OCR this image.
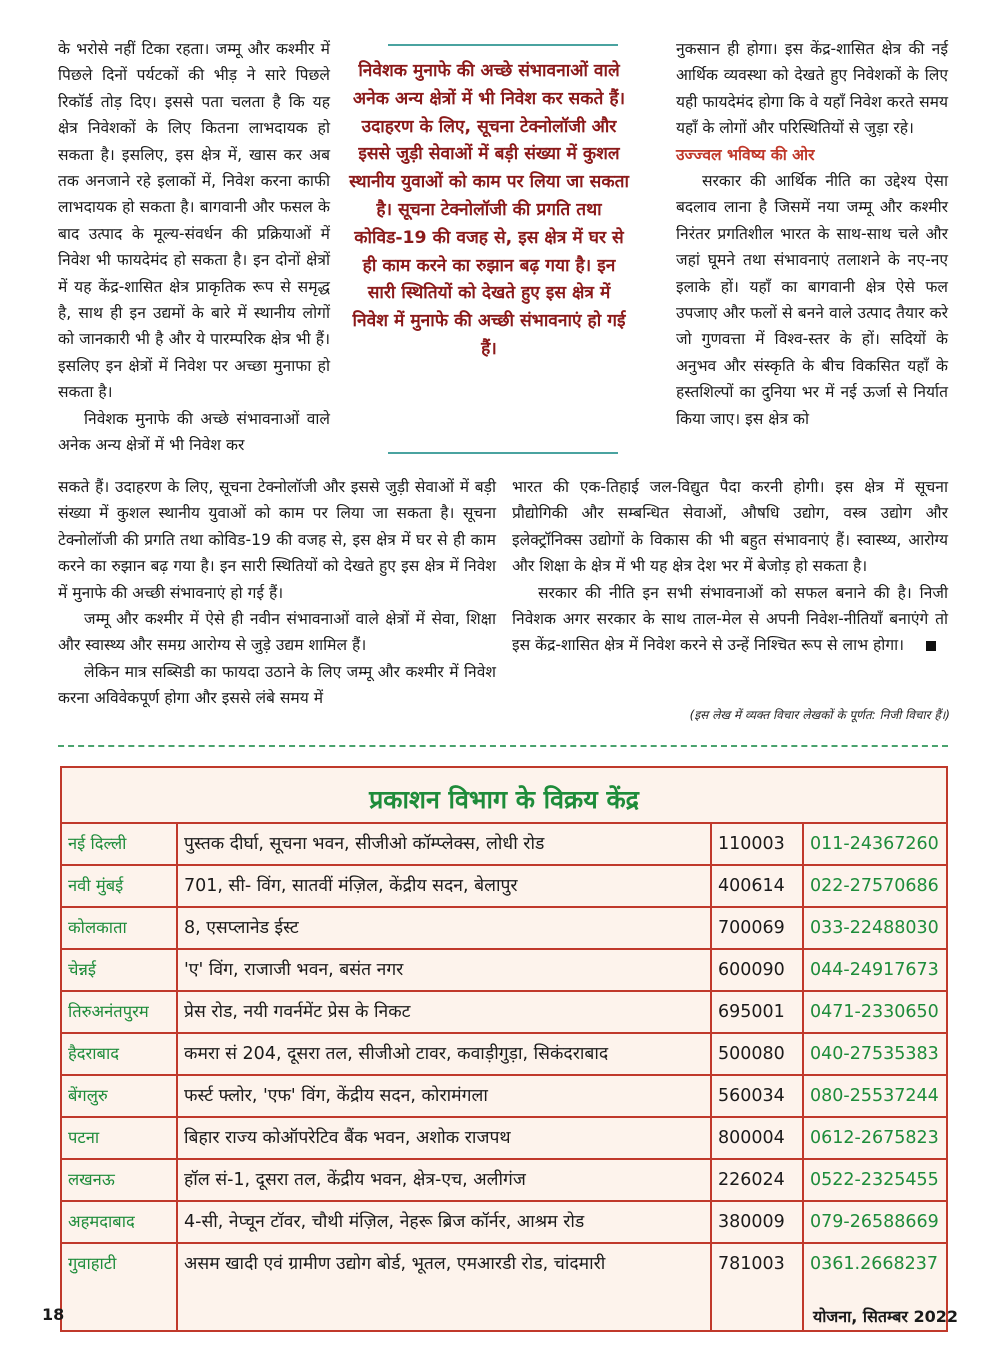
के भरोसे नहीं टिका रहता। जम्मू और कश्मीर में पिछले दिनों पर्यटकों की भीड़ ने सारे पिछले रिकॉर्ड तोड़ दिए। इससे पता चलता है कि यह क्षेत्र निवेशकों के लिए कितना लाभदायक हो सकता है। इसलिए, इस क्षेत्र में, खास कर अब तक अनजाने रहे इलाकों में, निवेश करना काफी लाभदायक हो सकता है। बागवानी और फसल के बाद उत्पाद के मूल्य-संवर्धन की प्रक्रियाओं में निवेश भी फायदेमंद हो सकता है। इन दोनों क्षेत्रों में यह केंद्र-शासित क्षेत्र प्राकृतिक रूप से समृद्ध है, साथ ही इन उद्यमों के बारे में स्थानीय लोगों को जानकारी भी है और ये पारम्परिक क्षेत्र भी हैं। इसलिए इन क्षेत्रों में निवेश पर अच्छा मुनाफा हो सकता है।

निवेशक मुनाफे की अच्छे संभावनाओं वाले अनेक अन्य क्षेत्रों में भी निवेश कर

निवेशक मुनाफे की अच्छे संभावनाओं वाले अनेक अन्य क्षेत्रों में भी निवेश कर सकते हैं। उदाहरण के लिए, सूचना टेक्नोलॉजी और इससे जुड़ी सेवाओं में बड़ी संख्या में कुशल स्थानीय युवाओं को काम पर लिया जा सकता है। सूचना टेक्नोलॉजी की प्रगति तथा कोविड-19 की वजह से, इस क्षेत्र में घर से ही काम करने का रुझान बढ़ गया है। इन सारी स्थितियों को देखते हुए इस क्षेत्र में निवेश में मुनाफे की अच्छी संभावनाएं हो गई हैं।

नुकसान ही होगा। इस केंद्र-शासित क्षेत्र की नई आर्थिक व्यवस्था को देखते हुए निवेशकों के लिए यही फायदेमंद होगा कि वे यहाँ निवेश करते समय यहाँ के लोगों और परिस्थितियों से जुड़ा रहे।

उज्ज्वल भविष्य की ओर

सरकार की आर्थिक नीति का उद्देश्य ऐसा बदलाव लाना है जिसमें नया जम्मू और कश्मीर निरंतर प्रगतिशील भारत के साथ-साथ चले और जहां घूमने तथा संभावनाएं तलाशने के नए-नए इलाके हों। यहाँ का बागवानी क्षेत्र ऐसे फल उपजाए और फलों से बनने वाले उत्पाद तैयार करे जो गुणवत्ता में विश्व-स्तर के हों। सदियों के अनुभव और संस्कृति के बीच विकसित यहाँ के हस्तशिल्पों का दुनिया भर में नई ऊर्जा से निर्यात किया जाए। इस क्षेत्र को

सकते हैं। उदाहरण के लिए, सूचना टेक्नोलॉजी और इससे जुड़ी सेवाओं में बड़ी संख्या में कुशल स्थानीय युवाओं को काम पर लिया जा सकता है। सूचना टेक्नोलॉजी की प्रगति तथा कोविड-19 की वजह से, इस क्षेत्र में घर से ही काम करने का रुझान बढ़ गया है। इन सारी स्थितियों को देखते हुए इस क्षेत्र में निवेश में मुनाफे की अच्छी संभावनाएं हो गई हैं।

जम्मू और कश्मीर में ऐसे ही नवीन संभावनाओं वाले क्षेत्रों में सेवा, शिक्षा और स्वास्थ्य और समग्र आरोग्य से जुड़े उद्यम शामिल हैं।

लेकिन मात्र सब्सिडी का फायदा उठाने के लिए जम्मू और कश्मीर में निवेश करना अविवेकपूर्ण होगा और इससे लंबे समय में

भारत की एक-तिहाई जल-विद्युत पैदा करनी होगी। इस क्षेत्र में सूचना प्रौद्योगिकी और सम्बन्धित सेवाओं, औषधि उद्योग, वस्त्र उद्योग और इलेक्ट्रॉनिक्स उद्योगों के विकास की भी बहुत संभावनाएं हैं। स्वास्थ्य, आरोग्य और शिक्षा के क्षेत्र में भी यह क्षेत्र देश भर में बेजोड़ हो सकता है।

सरकार की नीति इन सभी संभावनाओं को सफल बनाने की है। निजी निवेशक अगर सरकार के साथ ताल-मेल से अपनी निवेश-नीतियाँ बनाएंगे तो इस केंद्र-शासित क्षेत्र में निवेश करने से उन्हें निश्चित रूप से लाभ होगा।

(इस लेख में व्यक्त विचार लेखकों के पूर्णत: निजी विचार हैं।)
प्रकाशन विभाग के विक्रय केंद्र
नई दिल्ली	पुस्तक दीर्घा, सूचना भवन, सीजीओ कॉम्प्लेक्स, लोधी रोड	110003	011-24367260
नवी मुंबई	701, सी- विंग, सातवीं मंज़िल, केंद्रीय सदन, बेलापुर	400614	022-27570686
कोलकाता	8, एसप्लानेड ईस्ट	700069	033-22488030
चेन्नई	'ए' विंग, राजाजी भवन, बसंत नगर	600090	044-24917673
तिरुअनंतपुरम	प्रेस रोड, नयी गवर्नमेंट प्रेस के निकट	695001	0471-2330650
हैदराबाद	कमरा सं 204, दूसरा तल, सीजीओ टावर, कवाड़ीगुड़ा, सिकंदराबाद	500080	040-27535383
बेंगलुरु	फर्स्ट फ्लोर, 'एफ' विंग, केंद्रीय सदन, कोरामंगला	560034	080-25537244
पटना	बिहार राज्य कोऑपरेटिव बैंक भवन, अशोक राजपथ	800004	0612-2675823
लखनऊ	हॉल सं-1, दूसरा तल, केंद्रीय भवन, क्षेत्र-एच, अलीगंज	226024	0522-2325455
अहमदाबाद	4-सी, नेप्चून टॉवर, चौथी मंज़िल, नेहरू ब्रिज कॉर्नर, आश्रम रोड	380009	079-26588669
गुवाहाटी	असम खादी एवं ग्रामीण उद्योग बोर्ड, भूतल, एमआरडी रोड, चांदमारी	781003	0361.2668237
18	योजना, सितम्बर 2022
